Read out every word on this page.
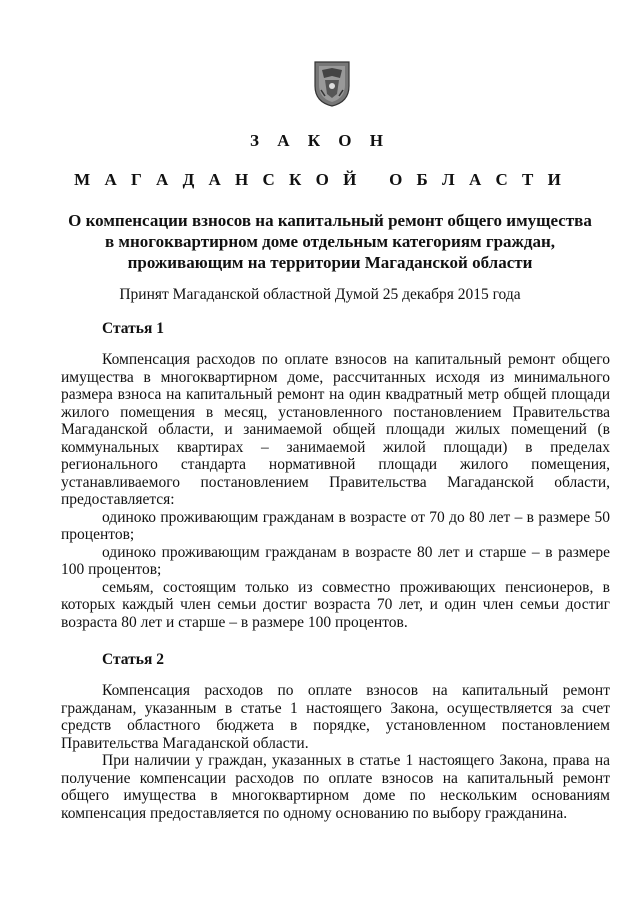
З А К О Н
М А Г А Д А Н С К О Й   О Б Л А С Т И
О компенсации взносов на капитальный ремонт общего имущества
в многоквартирном доме отдельным категориям граждан,
проживающим на территории Магаданской области
Принят Магаданской областной Думой 25 декабря 2015 года
Статья 1

Компенсация расходов по оплате взносов на капитальный ремонт общего имущества в многоквартирном доме, рассчитанных исходя из минимального размера взноса на капитальный ремонт на один квадратный метр общей площади жилого помещения в месяц, установленного постановлением Правительства Магаданской области, и занимаемой общей площади жилых помещений (в коммунальных квартирах – занимаемой жилой площади) в пределах регионального стандарта нормативной площади жилого помещения, устанавливаемого постановлением Правительства Магаданской области, предоставляется:

одиноко проживающим гражданам в возрасте от 70 до 80 лет – в размере 50 процентов;

одиноко проживающим гражданам в возрасте 80 лет и старше – в размере 100 процентов;

семьям, состоящим только из совместно проживающих пенсионеров, в которых каждый член семьи достиг возраста 70 лет, и один член семьи достиг возраста 80 лет и старше – в размере 100 процентов.

Статья 2

Компенсация расходов по оплате взносов на капитальный ремонт гражданам, указанным в статье 1 настоящего Закона, осуществляется за счет средств областного бюджета в порядке, установленном постановлением Правительства Магаданской области.

При наличии у граждан, указанных в статье 1 настоящего Закона, права на получение компенсации расходов по оплате взносов на капитальный ремонт общего имущества в многоквартирном доме по нескольким основаниям компенсация предоставляется по одному основанию по выбору гражданина.
